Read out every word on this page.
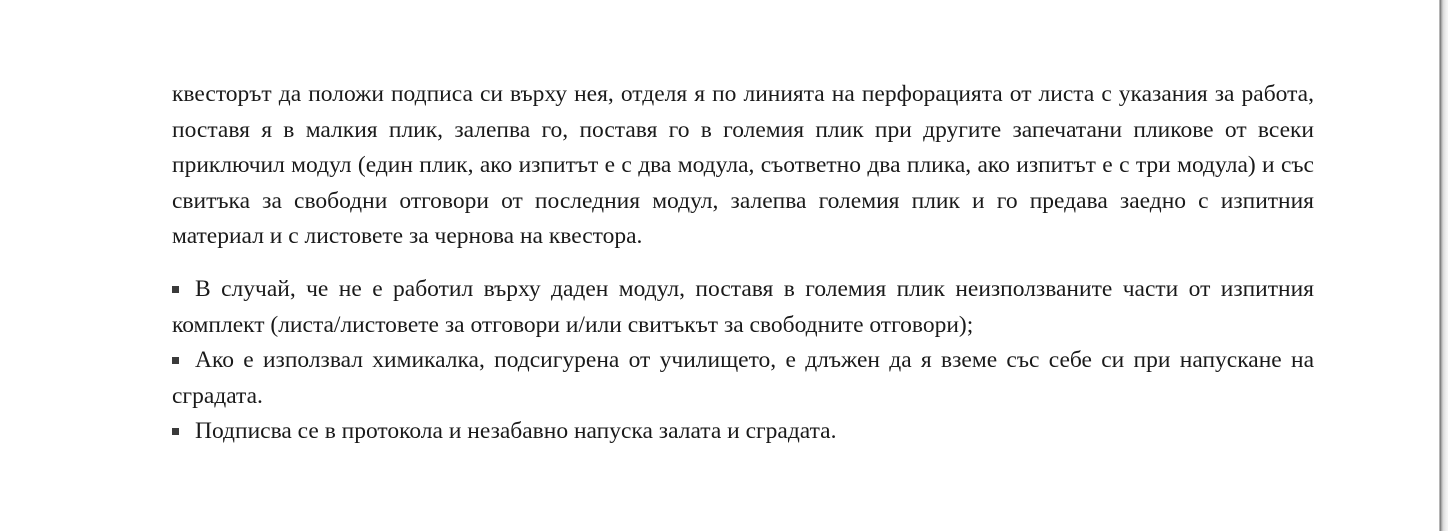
квесторът да положи подписа си върху нея, отделя я по линията на перфорацията от листа с указания за работа, поставя я в малкия плик, залепва го, поставя го в големия плик при другите запечатани пликове от всеки приключил модул (един плик, ако изпитът е с два модула, съответно два плика, ако изпитът е с три модула) и със свитъка за свободни отговори от последния модул, залепва големия плик и го предава заедно с изпитния материал и с листовете за чернова на квестора.

В случай, че не е работил върху даден модул, поставя в големия плик неизползваните части от изпитния комплект (листа/листовете за отговори и/или свитъкът за свободните отговори);
Ако е използвал химикалка, подсигурена от училището, е длъжен да я вземе със себе си при напускане на сградата.
Подписва се в протокола и незабавно напуска залата и сградата.
